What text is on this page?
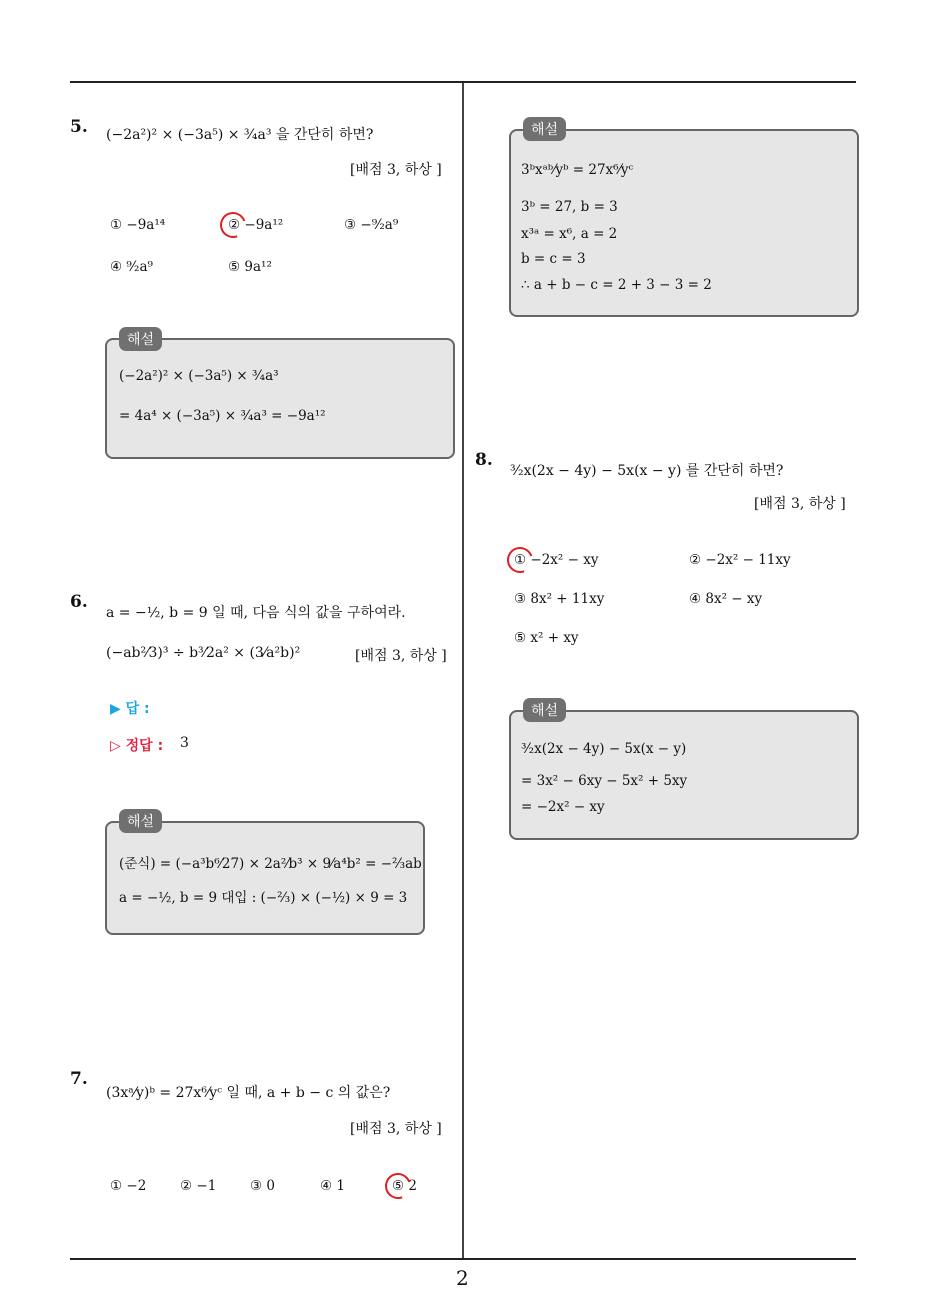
2
5. (−2a²)² × (−3a⁵) × ³⁄₄a³ 을 간단히 하면?
[배점 3, 하상 ]
① −9a¹⁴	② −9a¹²	③ −⁹⁄₂a⁹
④ ⁹⁄₂a⁹	⑤ 9a¹²
해설
(−2a²)² × (−3a⁵) × ³⁄₄a³
= 4a⁴ × (−3a⁵) × ³⁄₄a³ = −9a¹²
6.
a = −½, b = 9 일 때, 다음 식의 값을 구하여라.
(−ab²⁄3)³ ÷ b³⁄2a² × (3⁄a²b)²	[배점 3, 하상 ]
▶ 답 :
▷ 정답 : 3
해설
(준식) = (−a³b⁶⁄27) × 2a²⁄b³ × 9⁄a⁴b² = −⅔ab
a = −½, b = 9 대입 : (−⅔) × (−½) × 9 = 3
7.
(3xᵃ⁄y)ᵇ = 27x⁶⁄yᶜ 일 때, a + b − c 의 값은?
[배점 3, 하상 ]
① −2 ② −1 ③ 0	④ 1	⑤ 2
해설
3ᵇxᵃᵇ⁄yᵇ = 27x⁶⁄yᶜ
3ᵇ = 27, b = 3
x³ᵃ = x⁶, a = 2
b = c = 3
∴ a + b − c = 2 + 3 − 3 = 2
8.
³⁄₂x(2x − 4y) − 5x(x − y) 를 간단히 하면?
[배점 3, 하상 ]
① −2x² − xy	② −2x² − 11xy
③ 8x² + 11xy	④ 8x² − xy
⑤ x² + xy
해설
³⁄₂x(2x − 4y) − 5x(x − y)
= 3x² − 6xy − 5x² + 5xy
= −2x² − xy
